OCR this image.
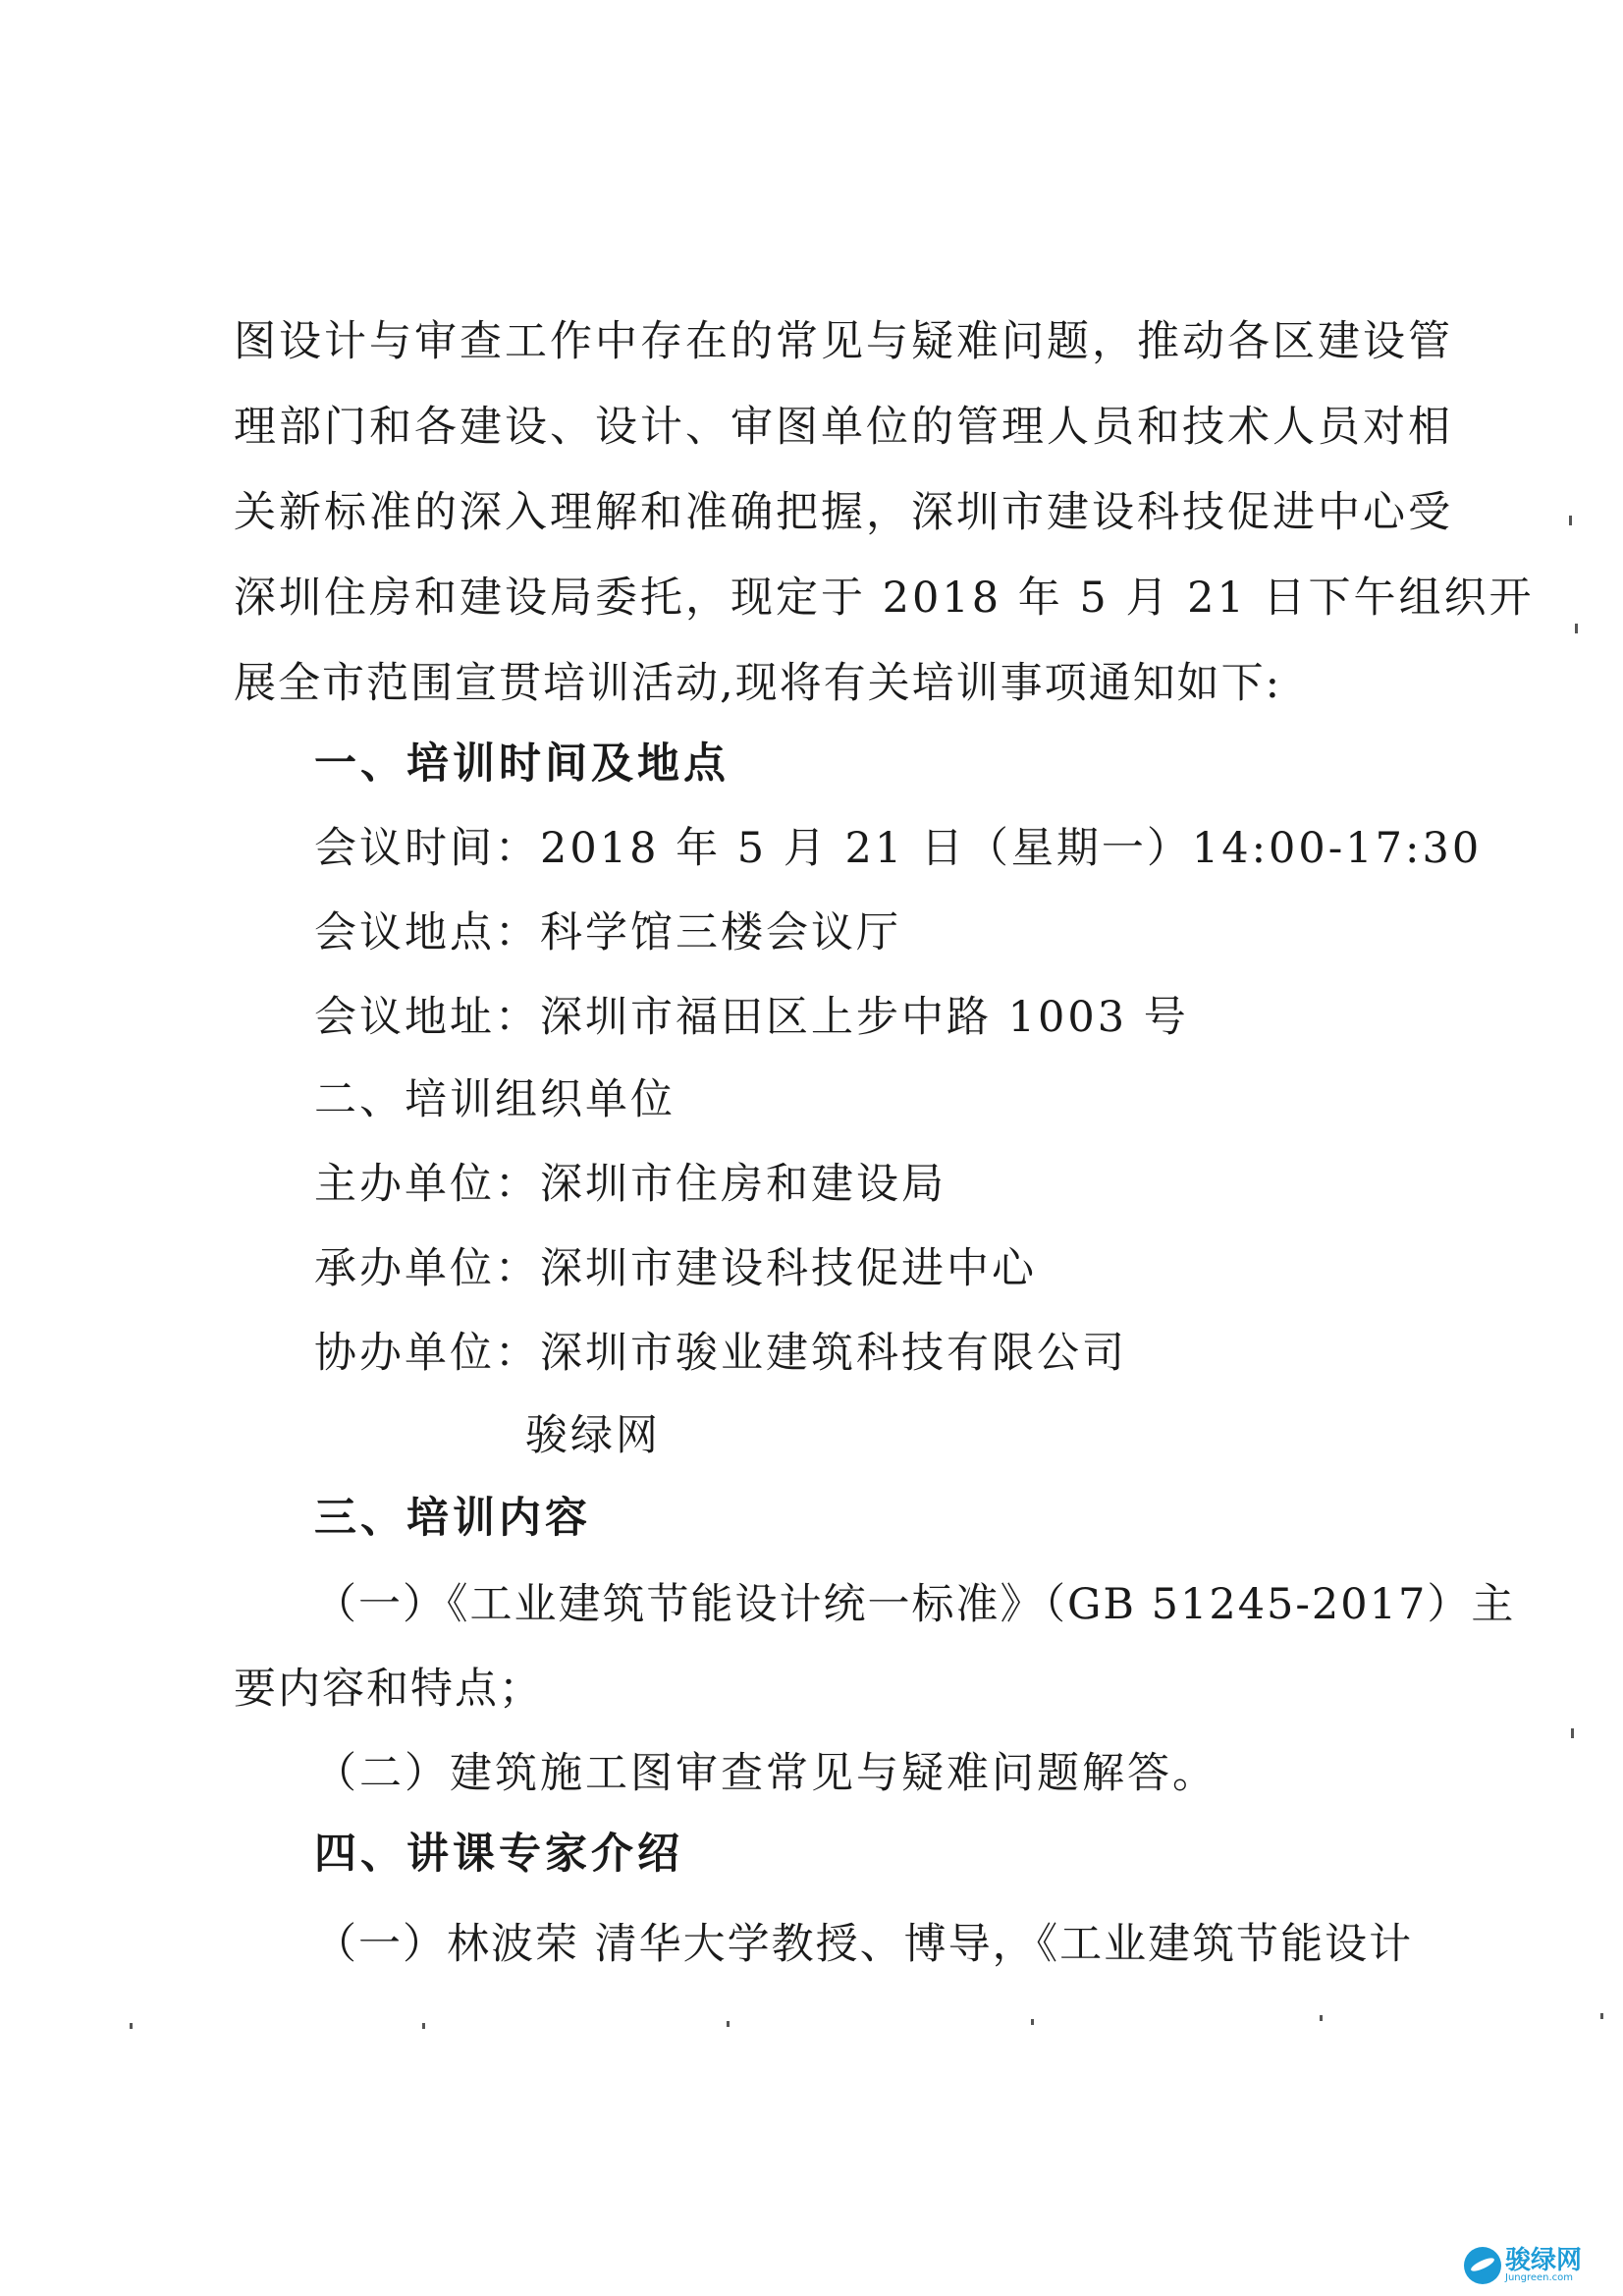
图设计与审查工作中存在的常见与疑难问题，推动各区建设管
理部门和各建设、设计、审图单位的管理人员和技术人员对相
关新标准的深入理解和准确把握，深圳市建设科技促进中心受
深圳住房和建设局委托，现定于 2018 年 5 月 21 日下午组织开
展全市范围宣贯培训活动,现将有关培训事项通知如下:
一、培训时间及地点
会议时间：2018 年 5 月 21 日（星期一）14:00-17:30
会议地点：科学馆三楼会议厅
会议地址：深圳市福田区上步中路 1003 号
二、培训组织单位
主办单位：深圳市住房和建设局
承办单位：深圳市建设科技促进中心
协办单位：深圳市骏业建筑科技有限公司
骏绿网
三、培训内容
（一）《工业建筑节能设计统一标准》（GB 51245-2017）主
要内容和特点；
（二）建筑施工图审查常见与疑难问题解答。
四、讲课专家介绍
（一）林波荣 清华大学教授、博导，《工业建筑节能设计
骏绿网
Jungreen.com
